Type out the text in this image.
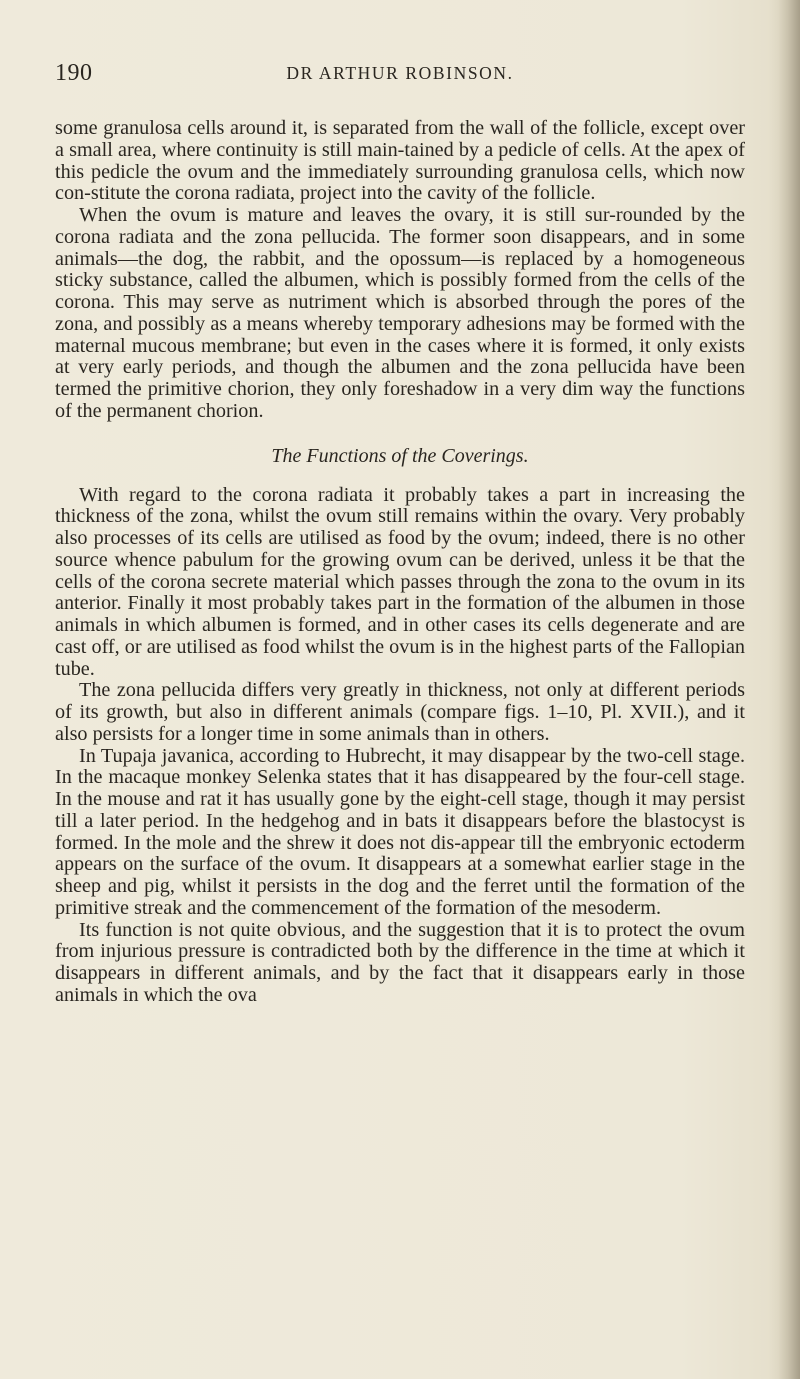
190	DR ARTHUR ROBINSON.

some granulosa cells around it, is separated from the wall of the follicle, except over a small area, where continuity is still main-tained by a pedicle of cells. At the apex of this pedicle the ovum and the immediately surrounding granulosa cells, which now con-stitute the corona radiata, project into the cavity of the follicle.

When the ovum is mature and leaves the ovary, it is still sur-rounded by the corona radiata and the zona pellucida. The former soon disappears, and in some animals—the dog, the rabbit, and the opossum—is replaced by a homogeneous sticky substance, called the albumen, which is possibly formed from the cells of the corona. This may serve as nutriment which is absorbed through the pores of the zona, and possibly as a means whereby temporary adhesions may be formed with the maternal mucous membrane; but even in the cases where it is formed, it only exists at very early periods, and though the albumen and the zona pellucida have been termed the primitive chorion, they only foreshadow in a very dim way the functions of the permanent chorion.

The Functions of the Coverings.

With regard to the corona radiata it probably takes a part in increasing the thickness of the zona, whilst the ovum still remains within the ovary. Very probably also processes of its cells are utilised as food by the ovum; indeed, there is no other source whence pabulum for the growing ovum can be derived, unless it be that the cells of the corona secrete material which passes through the zona to the ovum in its anterior. Finally it most probably takes part in the formation of the albumen in those animals in which albumen is formed, and in other cases its cells degenerate and are cast off, or are utilised as food whilst the ovum is in the highest parts of the Fallopian tube.

The zona pellucida differs very greatly in thickness, not only at different periods of its growth, but also in different animals (compare figs. 1–10, Pl. XVII.), and it also persists for a longer time in some animals than in others.

In Tupaja javanica, according to Hubrecht, it may disappear by the two-cell stage. In the macaque monkey Selenka states that it has disappeared by the four-cell stage. In the mouse and rat it has usually gone by the eight-cell stage, though it may persist till a later period. In the hedgehog and in bats it disappears before the blastocyst is formed. In the mole and the shrew it does not dis-appear till the embryonic ectoderm appears on the surface of the ovum. It disappears at a somewhat earlier stage in the sheep and pig, whilst it persists in the dog and the ferret until the formation of the primitive streak and the commencement of the formation of the mesoderm.

Its function is not quite obvious, and the suggestion that it is to protect the ovum from injurious pressure is contradicted both by the difference in the time at which it disappears in different animals, and by the fact that it disappears early in those animals in which the ova
